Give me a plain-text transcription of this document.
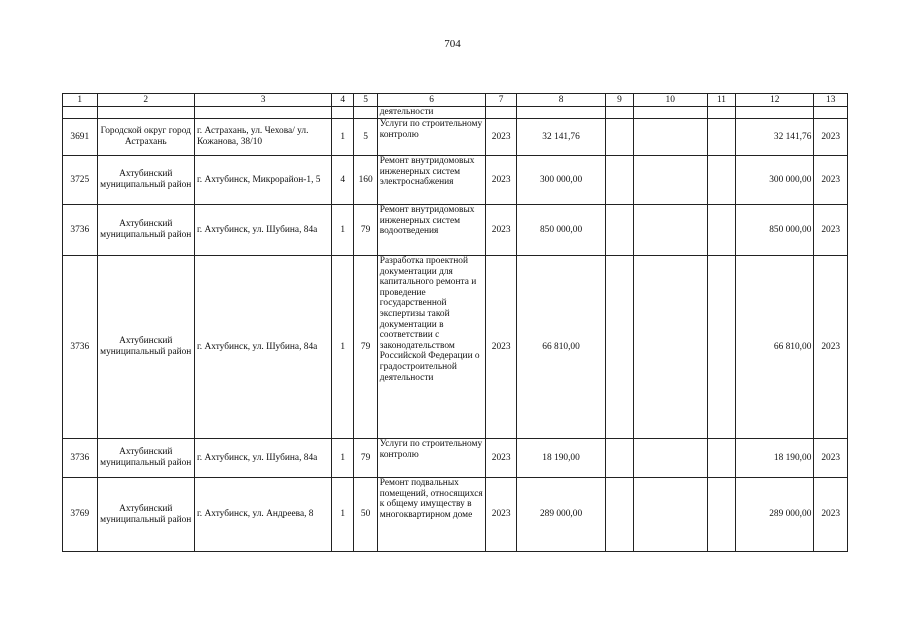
704
1	2	3	4	5	6	7	8	9	10	11	12	13
					деятельности							
3691	Городской округ город Астрахань	г. Астрахань, ул. Чехова/ ул. Кожанова, 38/10	1	5	Услуги по строительному контролю	2023	32 141,76				32 141,76	2023
3725	Ахтубинский муниципальный район	г. Ахтубинск, Микрорайон-1, 5	4	160	Ремонт внутридомовых инженерных систем электроснабжения	2023	300 000,00				300 000,00	2023
3736	Ахтубинский муниципальный район	г. Ахтубинск, ул. Шубина, 84а	1	79	Ремонт внутридомовых инженерных систем водоотведения	2023	850 000,00				850 000,00	2023
3736	Ахтубинский муниципальный район	г. Ахтубинск, ул. Шубина, 84а	1	79	Разработка проектной документации для капитального ремонта и проведение государственной экспертизы такой документации в соответствии с законодательством Российской Федерации о градостроительной деятельности	2023	66 810,00				66 810,00	2023
3736	Ахтубинский муниципальный район	г. Ахтубинск, ул. Шубина, 84а	1	79	Услуги по строительному контролю	2023	18 190,00				18 190,00	2023
3769	Ахтубинский муниципальный район	г. Ахтубинск, ул. Андреева, 8	1	50	Ремонт подвальных помещений, относящихся к общему имуществу в многоквартирном доме	2023	289 000,00				289 000,00	2023
